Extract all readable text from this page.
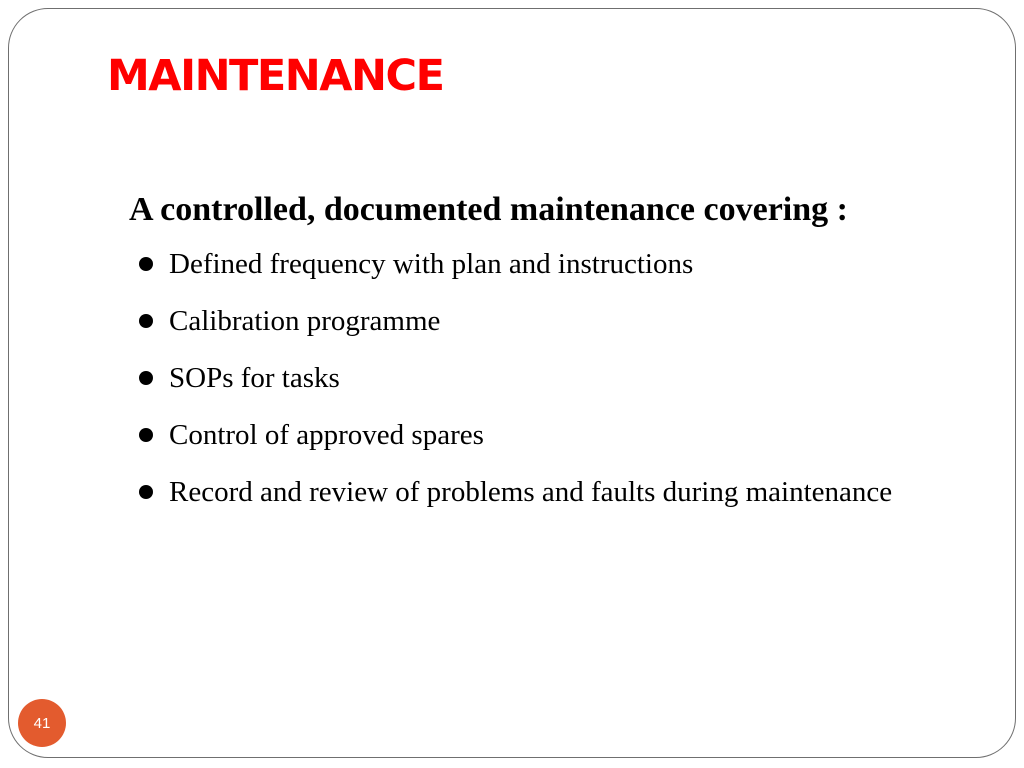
MAINTENANCE

A controlled, documented maintenance covering :

Defined frequency with plan and instructions
Calibration programme
SOPs for tasks
Control of approved spares
Record and review of problems and faults during maintenance
41
